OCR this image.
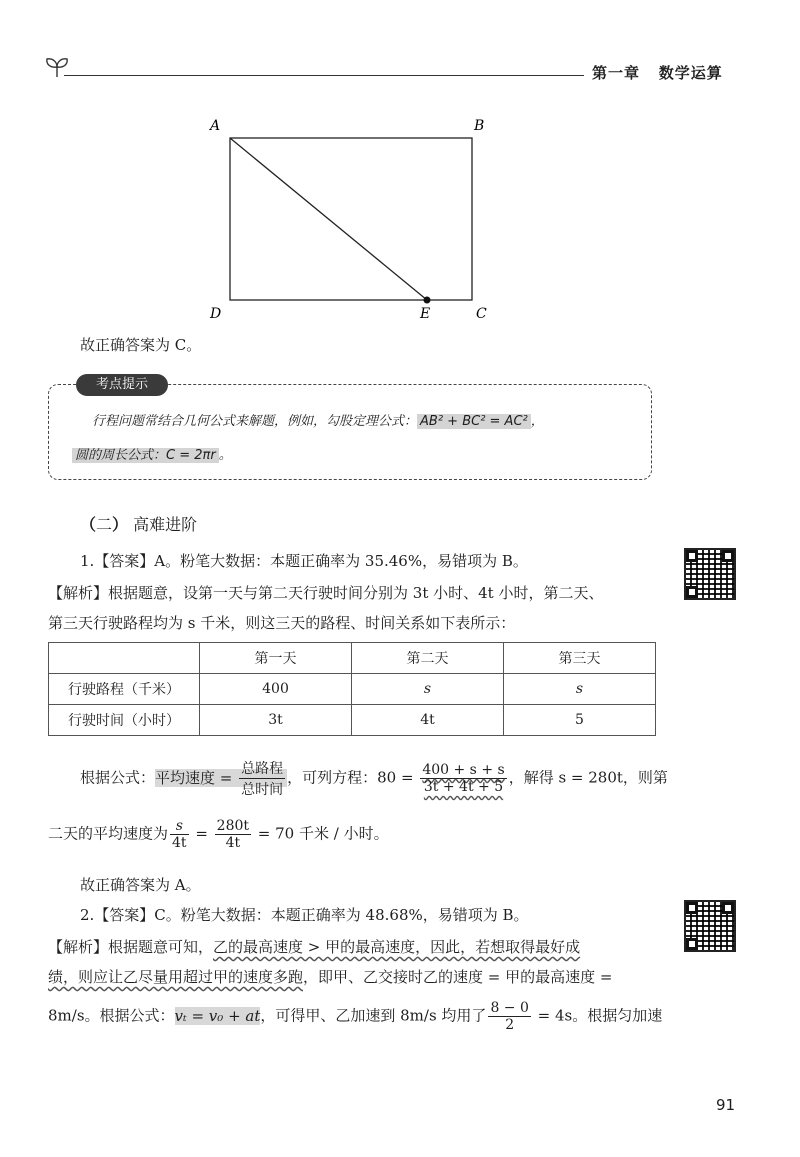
第一章 数学运算
A	B
D	E	C
故正确答案为 C。
考点提示
行程问题常结合几何公式来解题，例如，勾股定理公式： AB² + BC² = AC² ，
圆的周长公式：C = 2πr 。
（二） 高难进阶
1.【答案】A。粉笔大数据：本题正确率为 35.46%，易错项为 B。
【解析】根据题意，设第一天与第二天行驶时间分别为 3t 小时、4t 小时，第二天、
第三天行驶路程均为 s 千米，则这三天的路程、时间关系如下表所示：
	第一天	第二天	第三天
行驶路程（千米）	400	s	s
行驶时间（小时）	3t	4t	5
根据公式：平均速度 = $\frac{\text{总路程}}{\text{总时间}}$ ，可列方程：$80 = \frac{400 + s + s}{3t + 4t + 5}$ ，解得 s = 280t，则第
二天的平均速度为 $\frac{s}{4t} = \frac{280t}{4t} = 70$ 千米 / 小时。
故正确答案为 A。
2.【答案】C。粉笔大数据：本题正确率为 48.68%，易错项为 B。
【解析】根据题意可知，乙的最高速度 > 甲的最高速度，因此，若想取得最好成
绩，则应让乙尽量用超过甲的速度多跑，即甲、乙交接时乙的速度 = 甲的最高速度 =
8m/s。根据公式：vₜ = v₀ + at，可得甲、乙加速到 8m/s 均用了 $\frac{8 - 0}{2} = 4s$。根据匀加速
91
